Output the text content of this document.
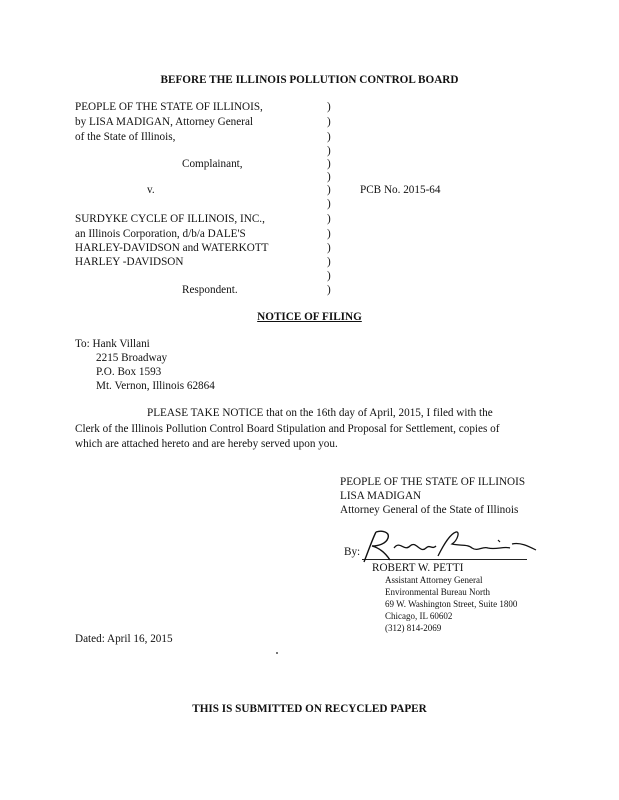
BEFORE THE ILLINOIS POLLUTION CONTROL BOARD
PEOPLE OF THE STATE OF ILLINOIS,
by LISA MADIGAN, Attorney General
of the State of Illinois,
Complainant,
v.	PCB No. 2015-64
SURDYKE CYCLE OF ILLINOIS, INC.,
an Illinois Corporation, d/b/a DALE'S
HARLEY-DAVIDSON and WATERKOTT
HARLEY -DAVIDSON
Respondent.
)
)
)
)
)
)
)
)
)
)
)
)
)
)
NOTICE OF FILING
To: Hank Villani
2215 Broadway
P.O. Box 1593
Mt. Vernon, Illinois 62864
PLEASE TAKE NOTICE that on the 16th day of April, 2015, I filed with the
Clerk of the Illinois Pollution Control Board Stipulation and Proposal for Settlement, copies of
which are attached hereto and are hereby served upon you.
PEOPLE OF THE STATE OF ILLINOIS
LISA MADIGAN
Attorney General of the State of Illinois
By:
ROBERT W. PETTI
Assistant Attorney General
Environmental Bureau North
69 W. Washington Street, Suite 1800
Chicago, IL 60602
(312) 814-2069
Dated: April 16, 2015
THIS IS SUBMITTED ON RECYCLED PAPER
